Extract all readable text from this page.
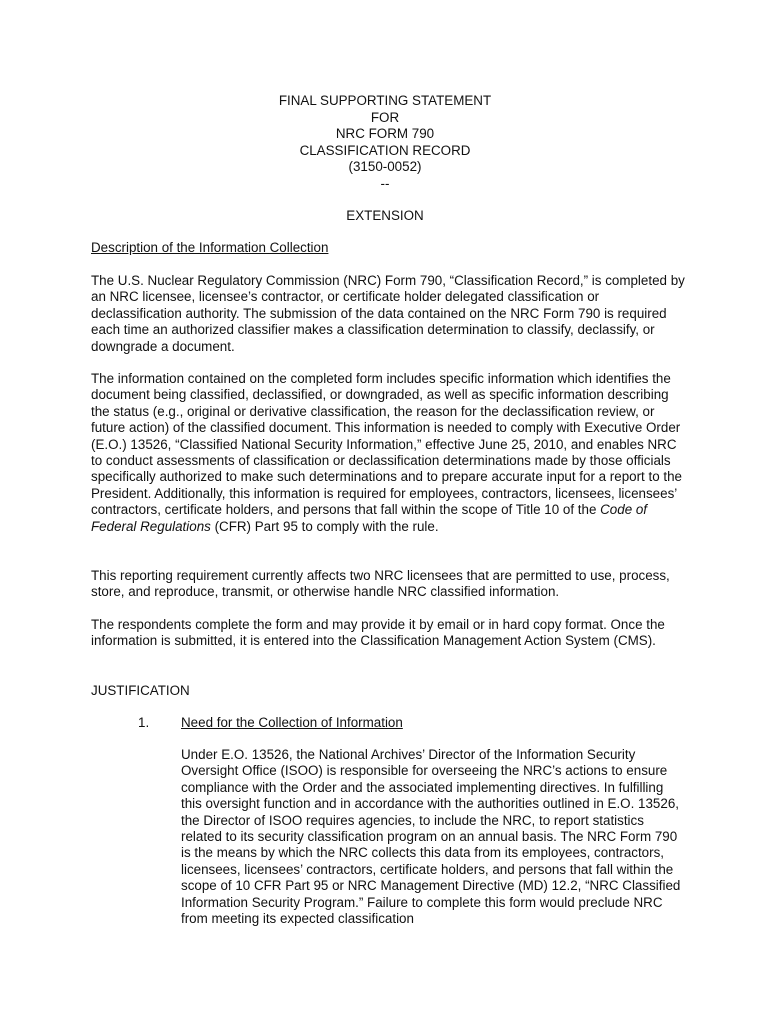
FINAL SUPPORTING STATEMENT
FOR
NRC FORM 790
CLASSIFICATION RECORD
(3150-0052)
--
EXTENSION
Description of the Information Collection

The U.S. Nuclear Regulatory Commission (NRC) Form 790, “Classification Record,” is completed by an NRC licensee, licensee’s contractor, or certificate holder delegated classification or declassification authority. The submission of the data contained on the NRC Form 790 is required each time an authorized classifier makes a classification determination to classify, declassify, or downgrade a document.

The information contained on the completed form includes specific information which identifies the document being classified, declassified, or downgraded, as well as specific information describing the status (e.g., original or derivative classification, the reason for the declassification review, or future action) of the classified document. This information is needed to comply with Executive Order (E.O.) 13526, “Classified National Security Information,” effective June 25, 2010, and enables NRC to conduct assessments of classification or declassification determinations made by those officials specifically authorized to make such determinations and to prepare accurate input for a report to the President. Additionally, this information is required for employees, contractors, licensees, licensees’ contractors, certificate holders, and persons that fall within the scope of Title 10 of the Code of Federal Regulations (CFR) Part 95 to comply with the rule.

This reporting requirement currently affects two NRC licensees that are permitted to use, process, store, and reproduce, transmit, or otherwise handle NRC classified information.

The respondents complete the form and may provide it by email or in hard copy format. Once the information is submitted, it is entered into the Classification Management Action System (CMS).

JUSTIFICATION
1. Need for the Collection of Information

Under E.O. 13526, the National Archives’ Director of the Information Security Oversight Office (ISOO) is responsible for overseeing the NRC’s actions to ensure compliance with the Order and the associated implementing directives. In fulfilling this oversight function and in accordance with the authorities outlined in E.O. 13526, the Director of ISOO requires agencies, to include the NRC, to report statistics related to its security classification program on an annual basis. The NRC Form 790 is the means by which the NRC collects this data from its employees, contractors, licensees, licensees’ contractors, certificate holders, and persons that fall within the scope of 10 CFR Part 95 or NRC Management Directive (MD) 12.2, “NRC Classified Information Security Program.” Failure to complete this form would preclude NRC from meeting its expected classification
